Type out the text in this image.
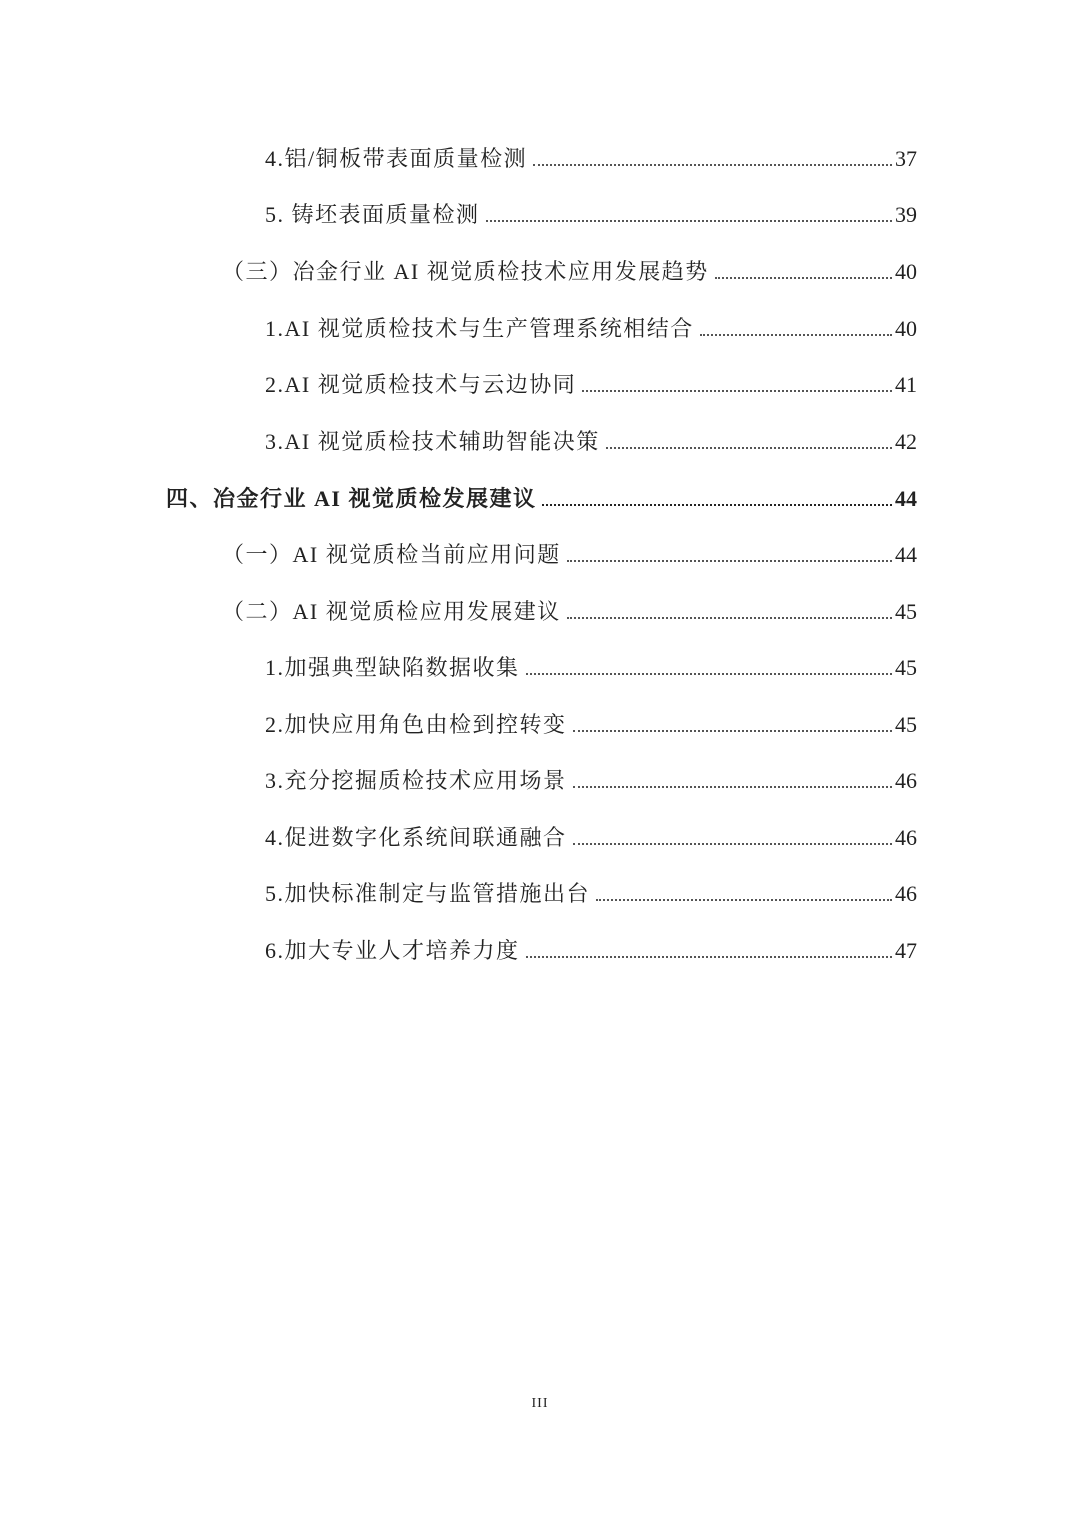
4.铝/铜板带表面质量检测	37
5. 铸坯表面质量检测	39
（三）冶金行业 AI 视觉质检技术应用发展趋势	40
1.AI 视觉质检技术与生产管理系统相结合	40
2.AI 视觉质检技术与云边协同	41
3.AI 视觉质检技术辅助智能决策	42
四、冶金行业 AI 视觉质检发展建议	44
（一）AI 视觉质检当前应用问题	44
（二）AI 视觉质检应用发展建议	45
1.加强典型缺陷数据收集	45
2.加快应用角色由检到控转变	45
3.充分挖掘质检技术应用场景	46
4.促进数字化系统间联通融合	46
5.加快标准制定与监管措施出台	46
6.加大专业人才培养力度	47
III
